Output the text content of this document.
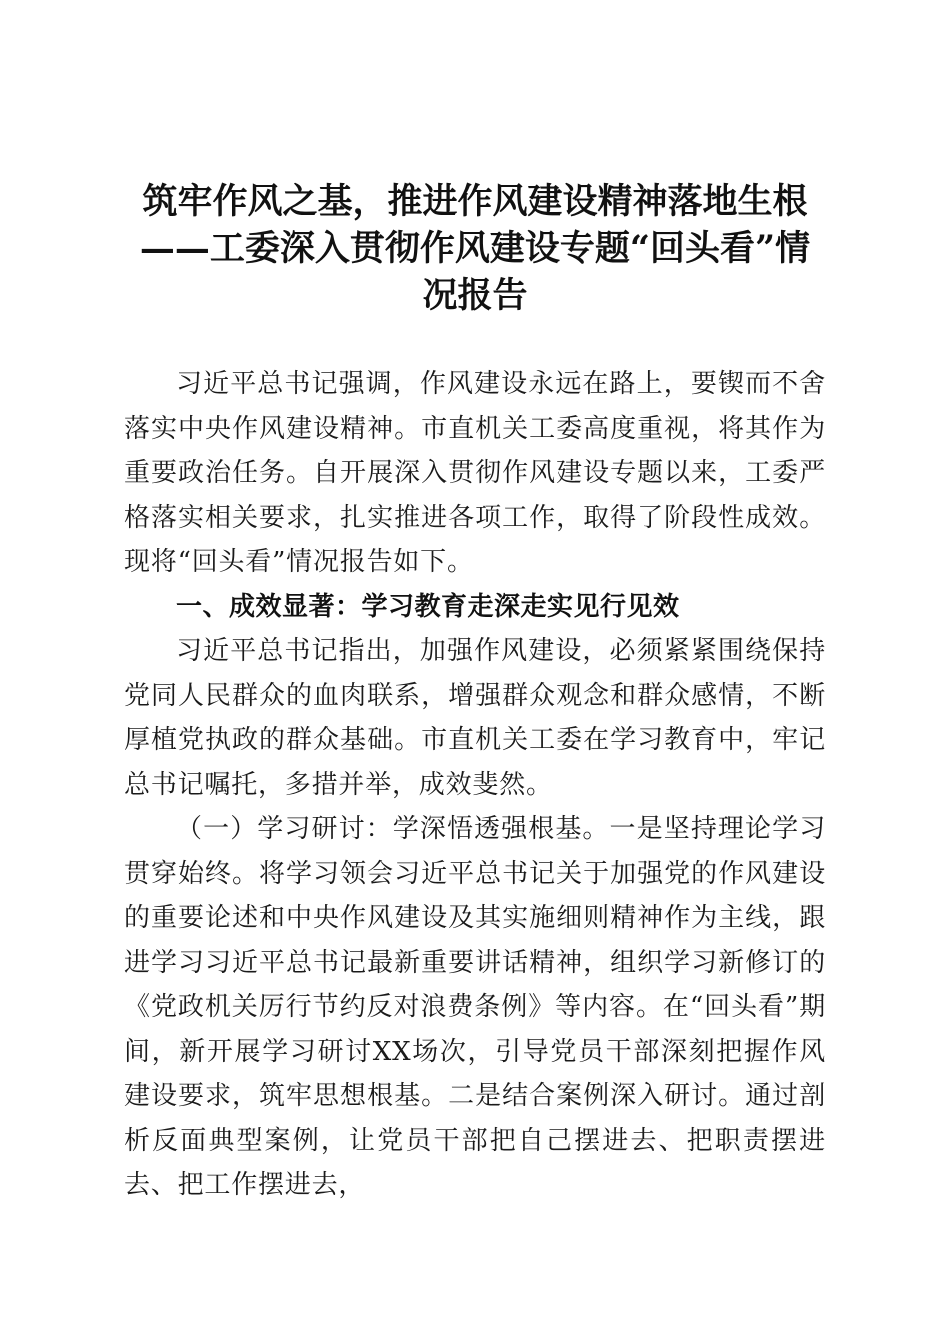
筑牢作风之基，推进作风建设精神落地生根
——工委深入贯彻作风建设专题“回头看”情
况报告

习近平总书记强调，作风建设永远在路上，要锲而不舍落实中央作风建设精神。市直机关工委高度重视，将其作为重要政治任务。自开展深入贯彻作风建设专题以来，工委严格落实相关要求，扎实推进各项工作，取得了阶段性成效。现将“回头看”情况报告如下。

一、成效显著：学习教育走深走实见行见效

习近平总书记指出，加强作风建设，必须紧紧围绕保持党同人民群众的血肉联系，增强群众观念和群众感情，不断厚植党执政的群众基础。市直机关工委在学习教育中，牢记总书记嘱托，多措并举，成效斐然。

（一）学习研讨：学深悟透强根基。一是坚持理论学习贯穿始终。将学习领会习近平总书记关于加强党的作风建设的重要论述和中央作风建设及其实施细则精神作为主线，跟进学习习近平总书记最新重要讲话精神，组织学习新修订的《党政机关厉行节约反对浪费条例》等内容。在“回头看”期间，新开展学习研讨XX场次，引导党员干部深刻把握作风建设要求，筑牢思想根基。二是结合案例深入研讨。通过剖析反面典型案例，让党员干部把自己摆进去、把职责摆进去、把工作摆进去，
